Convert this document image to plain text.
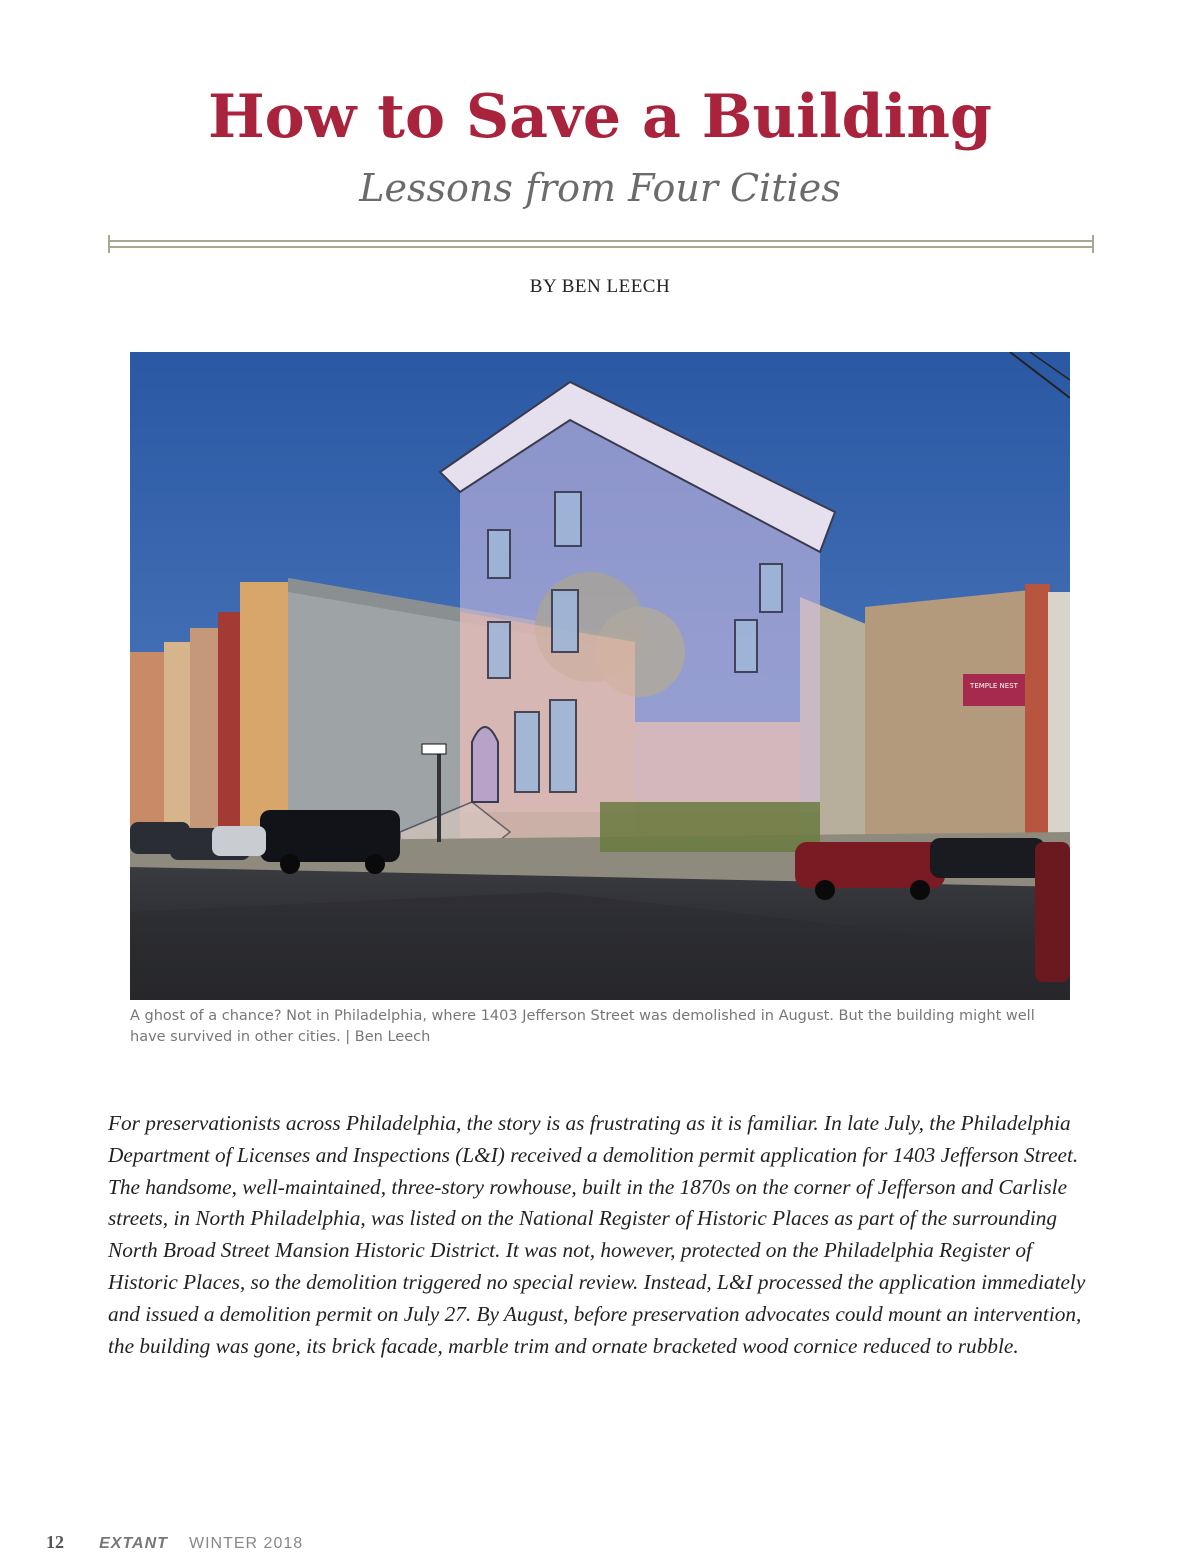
How to Save a Building
Lessons from Four Cities
BY BEN LEECH
TEMPLE NEST
A ghost of a chance? Not in Philadelphia, where 1403 Jefferson Street was demolished in August. But the building might well have survived in other cities. | Ben Leech
For preservationists across Philadelphia, the story is as frustrating as it is familiar. In late July, the Philadelphia Department of Licenses and Inspections (L&I) received a demolition permit application for 1403 Jefferson Street. The handsome, well-maintained, three-story rowhouse, built in the 1870s on the corner of Jefferson and Carlisle streets, in North Philadelphia, was listed on the National Register of Historic Places as part of the surrounding North Broad Street Mansion Historic District. It was not, however, protected on the Philadelphia Register of Historic Places, so the demolition triggered no special review. Instead, L&I processed the application immediately and issued a demolition permit on July 27. By August, before preservation advocates could mount an intervention, the building was gone, its brick facade, marble trim and ornate bracketed wood cornice reduced to rubble.
12 EXTANT WINTER 2018
